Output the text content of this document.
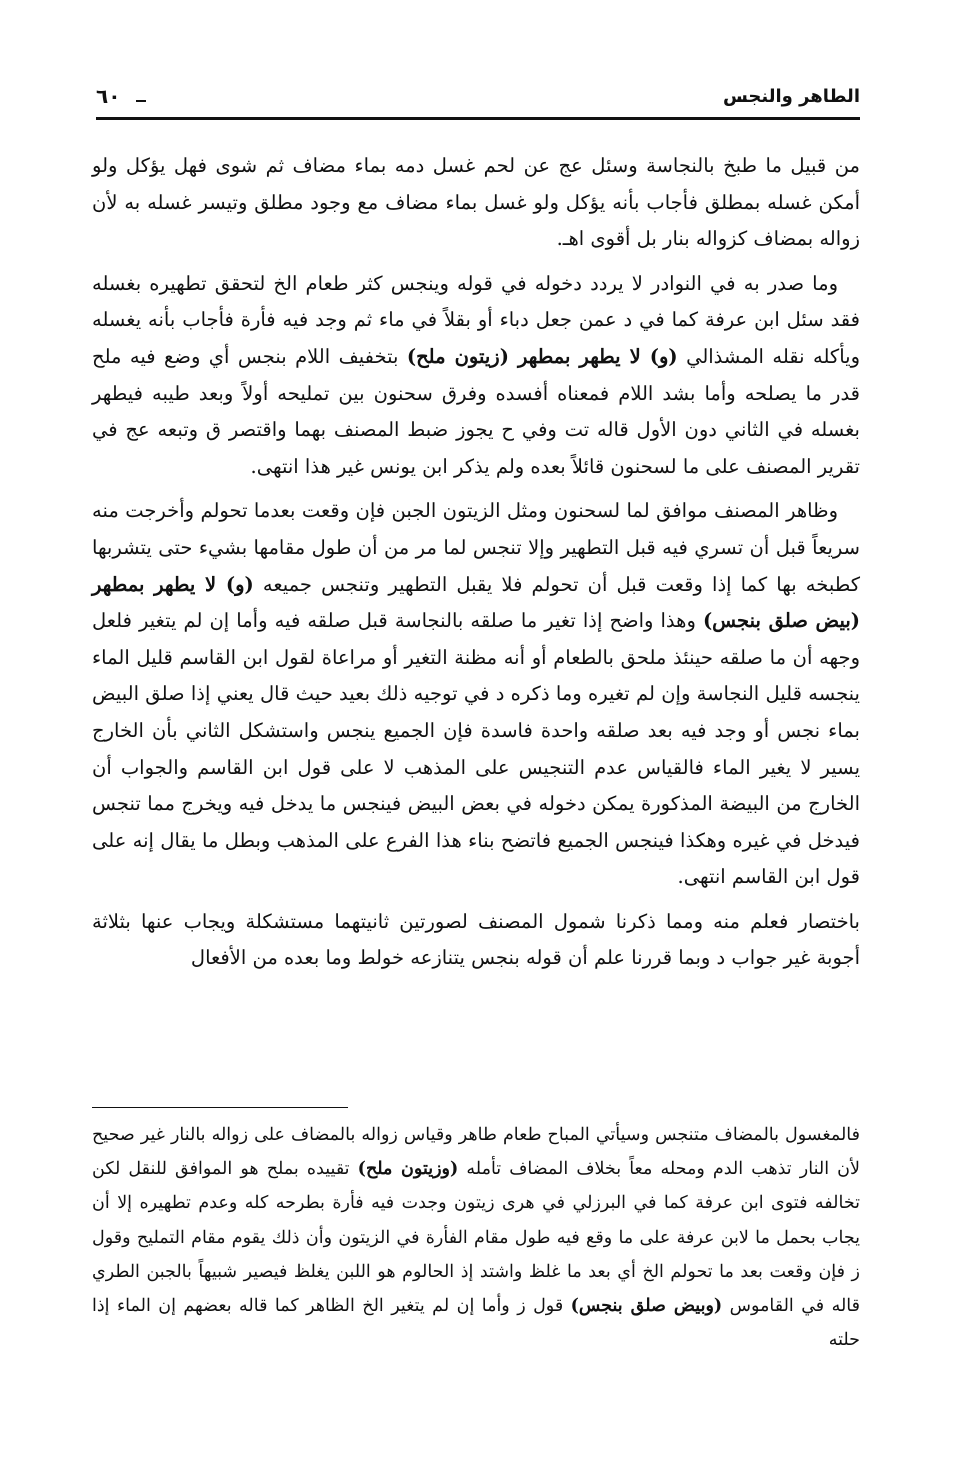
الطاهر والنجس
٦٠

من قبيل ما طبخ بالنجاسة وسئل عج عن لحم غسل دمه بماء مضاف ثم شوى فهل يؤكل ولو أمكن غسله بمطلق فأجاب بأنه يؤكل ولو غسل بماء مضاف مع وجود مطلق وتيسر غسله به لأن زواله بمضاف كزواله بنار بل أقوى اهـ.

وما صدر به في النوادر لا يردد دخوله في قوله وينجس كثر طعام الخ لتحقق تطهيره بغسله فقد سئل ابن عرفة كما في د عمن جعل دباء أو بقلاً في ماء ثم وجد فيه فأرة فأجاب بأنه يغسله ويأكله نقله المشذالي (و) لا يطهر بمطهر (زيتون ملح) بتخفيف اللام بنجس أي وضع فيه ملح قدر ما يصلحه وأما بشد اللام فمعناه أفسده وفرق سحنون بين تمليحه أولاً وبعد طيبه فيطهر بغسله في الثاني دون الأول قاله تت وفي ح يجوز ضبط المصنف بهما واقتصر ق وتبعه عج في تقرير المصنف على ما لسحنون قائلاً بعده ولم يذكر ابن يونس غير هذا انتهى.

وظاهر المصنف موافق لما لسحنون ومثل الزيتون الجبن فإن وقعت بعدما تحولم وأخرجت منه سريعاً قبل أن تسري فيه قبل التطهير وإلا تنجس لما مر من أن طول مقامها بشيء حتى يتشربها كطبخه بها كما إذا وقعت قبل أن تحولم فلا يقبل التطهير وتنجس جميعه (و) لا يطهر بمطهر (بيض صلق بنجس) وهذا واضح إذا تغير ما صلقه بالنجاسة قبل صلقه فيه وأما إن لم يتغير فلعل وجهه أن ما صلقه حينئذ ملحق بالطعام أو أنه مظنة التغير أو مراعاة لقول ابن القاسم قليل الماء ينجسه قليل النجاسة وإن لم تغيره وما ذكره د في توجيه ذلك بعيد حيث قال يعني إذا صلق البيض بماء نجس أو وجد فيه بعد صلقه واحدة فاسدة فإن الجميع ينجس واستشكل الثاني بأن الخارج يسير لا يغير الماء فالقياس عدم التنجيس على المذهب لا على قول ابن القاسم والجواب أن الخارج من البيضة المذكورة يمكن دخوله في بعض البيض فينجس ما يدخل فيه ويخرج مما تنجس فيدخل في غيره وهكذا فينجس الجميع فاتضح بناء هذا الفرع على المذهب وبطل ما يقال إنه على قول ابن القاسم انتهى.

باختصار فعلم منه ومما ذكرنا شمول المصنف لصورتين ثانيتهما مستشكلة ويجاب عنها بثلاثة أجوبة غير جواب د وبما قررنا علم أن قوله بنجس يتنازعه خولط وما بعده من الأفعال

فالمغسول بالمضاف متنجس وسيأتي المباح طعام طاهر وقياس زواله بالمضاف على زواله بالنار غير صحيح لأن النار تذهب الدم ومحله معاً بخلاف المضاف تأمله (وزيتون ملح) تقييده بملح هو الموافق للنقل لكن تخالفه فتوى ابن عرفة كما في البرزلي في هرى زيتون وجدت فيه فأرة بطرحه كله وعدم تطهيره إلا أن يجاب بحمل ما لابن عرفة على ما وقع فيه طول مقام الفأرة في الزيتون وأن ذلك يقوم مقام التمليح وقول ز فإن وقعت بعد ما تحولم الخ أي بعد ما غلظ واشتد إذ الحالوم هو اللبن يغلظ فيصير شبيهاً بالجبن الطري قاله في القاموس (وبيض صلق بنجس) قول ز وأما إن لم يتغير الخ الظاهر كما قاله بعضهم إن الماء إذا حلته
